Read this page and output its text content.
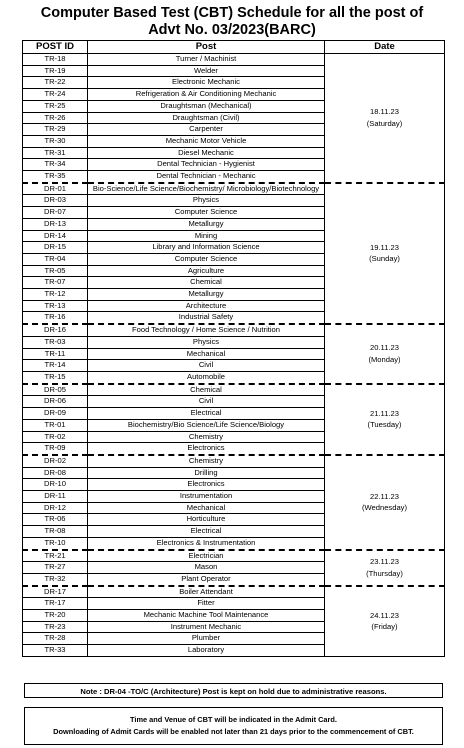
Computer Based Test (CBT) Schedule for all the post of
Advt No. 03/2023(BARC)
POST ID	Post	Date
TR-18	Turner / Machinist	18.11.23
(Saturday)

TR-19	Welder	
TR-22	Electronic Mechanic	
TR-24	Refrigeration & Air Conditioning Mechanic	
TR-25	Draughtsman (Mechanical)	
TR-26	Draughtsman (Civil)	
TR-29	Carpenter	
TR-30	Mechanic Motor Vehicle	
TR-31	Diesel Mechanic	
TR-34	Dental Technician - Hygienist	
TR-35	Dental Technician - Mechanic	
DR-01	Bio-Science/Life Science/Biochemistry/ Microbiology/Biotechnology	19.11.23
(Sunday)

DR-03	Physics	
DR-07	Computer Science	
DR-13	Metallurgy	
DR-14	Mining	
DR-15	Library and Information Science	
TR-04	Computer Science	
TR-05	Agriculture	
TR-07	Chemical	
TR-12	Metallurgy	
TR-13	Architecture	
TR-16	Industrial Safety	
DR-16	Food Technology / Home Science / Nutrition	20.11.23
(Monday)

TR-03	Physics	
TR-11	Mechanical	
TR-14	Civil	
TR-15	Automobile	
DR-05	Chemical	21.11.23
(Tuesday)

DR-06	Civil	
DR-09	Electrical	
TR-01	Biochemistry/Bio Science/Life Science/Biology	
TR-02	Chemistry	
TR-09	Electronics	
DR-02	Chemistry	22.11.23
(Wednesday)

DR-08	Drilling	
DR-10	Electronics	
DR-11	Instrumentation	
DR-12	Mechanical	
TR-06	Horticulture	
TR-08	Electrical	
TR-10	Electronics & Instrumentation	
TR-21	Electrician	23.11.23
(Thursday)

TR-27	Mason	
TR-32	Plant Operator	
DR-17	Boiler Attendant	24.11.23
(Friday)

TR-17	Fitter	
TR-20	Mechanic Machine Tool Maintenance	
TR-23	Instrument Mechanic	
TR-28	Plumber	
TR-33	Laboratory	
Note : DR-04 -TO/C (Architecture) Post is kept on hold due to administrative reasons.
Time and Venue of CBT will be indicated in the Admit Card.
Downloading of Admit Cards will be enabled not later than 21 days prior to the commencement of CBT.
